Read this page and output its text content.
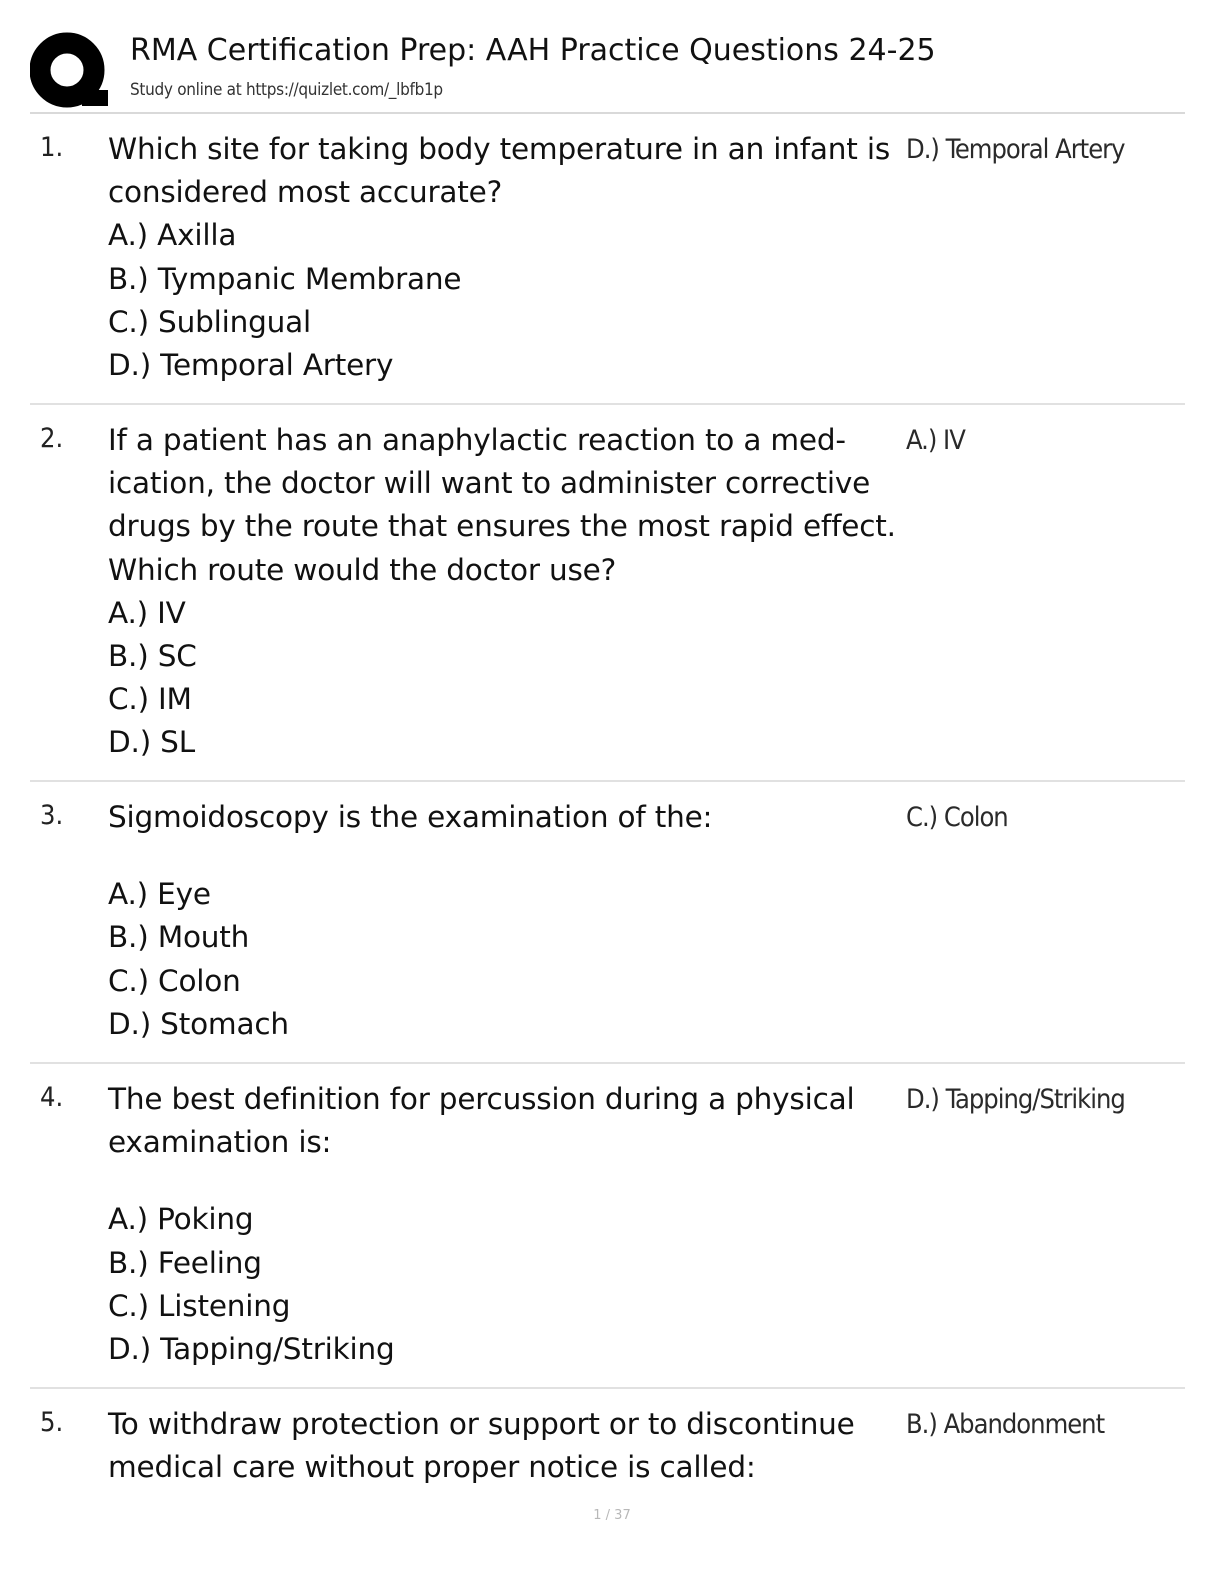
RMA Certification Prep: AAH Practice Questions 24-25
Study online at https://quizlet.com/_lbfb1p
1. Which site for taking body temperature in an infant is
considered most accurate?
A.) Axilla
B.) Tympanic Membrane
C.) Sublingual
D.) Temporal Artery
D.) Temporal Artery
2. If a patient has an anaphylactic reaction to a med-
ication, the doctor will want to administer corrective
drugs by the route that ensures the most rapid effect.
Which route would the doctor use?
A.) IV
B.) SC
C.) IM
D.) SL
A.) IV
3. Sigmoidoscopy is the examination of the:
A.) Eye
B.) Mouth
C.) Colon
D.) Stomach
C.) Colon
4. The best definition for percussion during a physical
examination is:
A.) Poking
B.) Feeling
C.) Listening
D.) Tapping/Striking
D.) Tapping/Striking
5. To withdraw protection or support or to discontinue
medical care without proper notice is called:
B.) Abandonment
1 / 37
